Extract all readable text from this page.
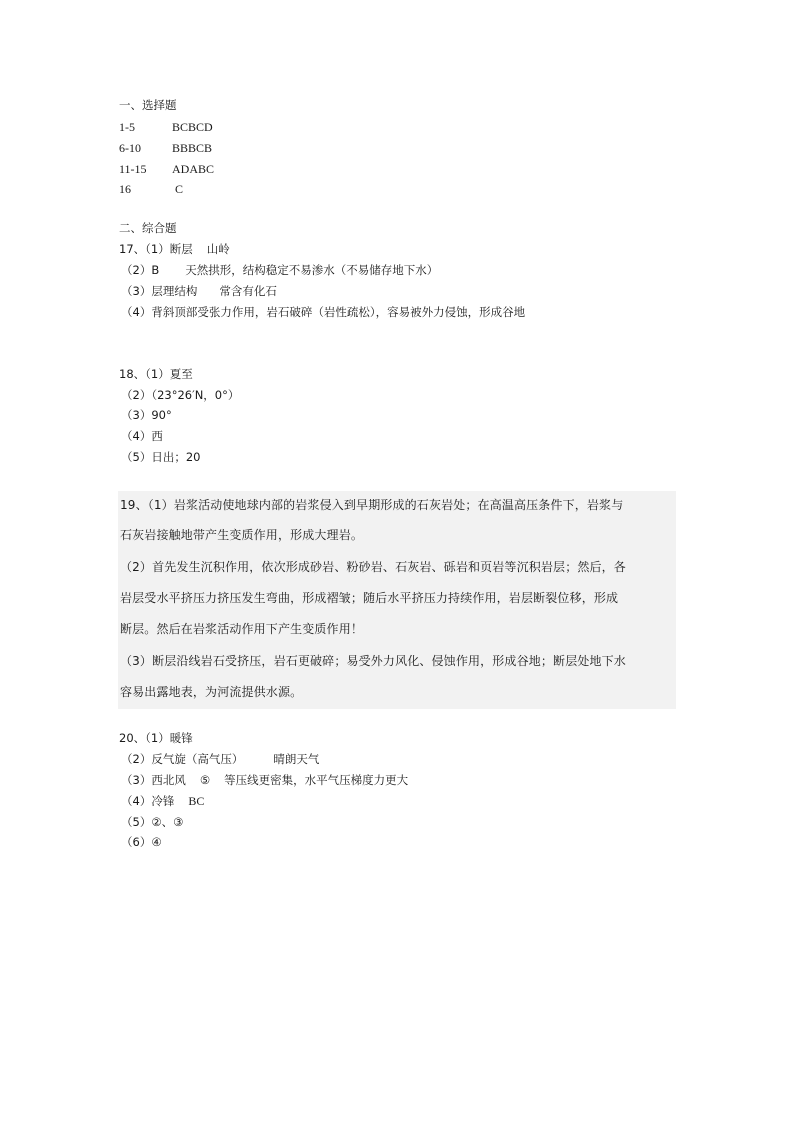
一、选择题
1-5	BCBCD
6-10	BBBCB
11-15 ADABC
16	C
二、综合题
17、（1）断层 山岭
（2）B 天然拱形，结构稳定不易渗水（不易储存地下水）
（3）层理结构 常含有化石
（4）背斜顶部受张力作用，岩石破碎（岩性疏松），容易被外力侵蚀，形成谷地
18、（1）夏至
（2）（23°26′N，0°）
（3）90°
（4）西
（5）日出；20
19、（1）岩浆活动使地球内部的岩浆侵入到早期形成的石灰岩处；在高温高压条件下，岩浆与
石灰岩接触地带产生变质作用，形成大理岩。
（2）首先发生沉积作用，依次形成砂岩、粉砂岩、石灰岩、砾岩和页岩等沉积岩层；然后，各
岩层受水平挤压力挤压发生弯曲，形成褶皱；随后水平挤压力持续作用，岩层断裂位移，形成
断层。然后在岩浆活动作用下产生变质作用！
（3）断层沿线岩石受挤压，岩石更破碎；易受外力风化、侵蚀作用，形成谷地；断层处地下水
容易出露地表，为河流提供水源。
20、（1）暖锋
（2）反气旋（高气压）	晴朗天气
（3）西北风 ⑤ 等压线更密集，水平气压梯度力更大
（4）冷锋 BC
（5）②、③
（6）④
